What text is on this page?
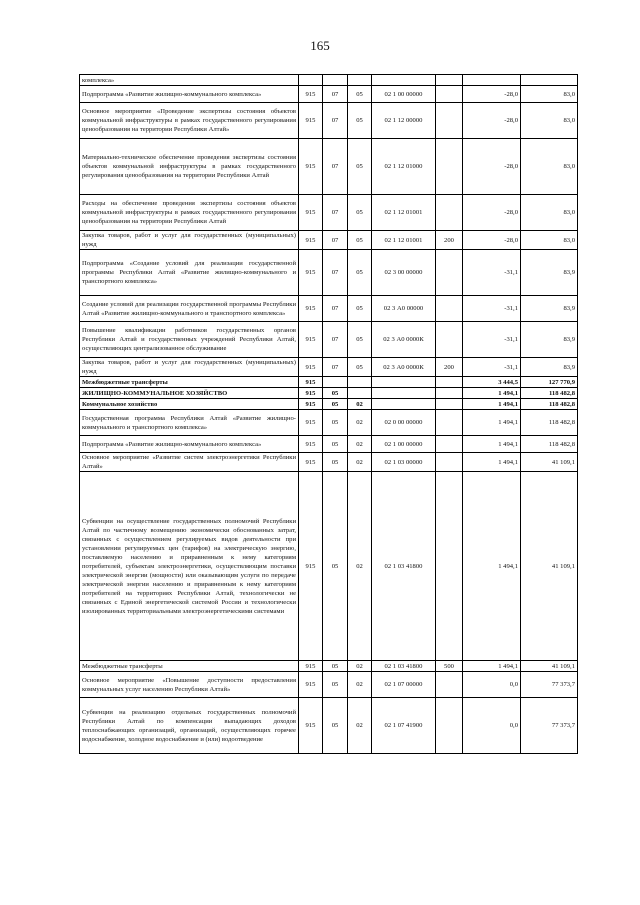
165
комплекса»							
Подпрограмма «Развитие жилищно-коммунального комплекса»	915	07	05	02 1 00 00000		-28,0	83,0
Основное мероприятие «Проведение экспертизы состояния объектов коммунальной инфраструктуры в рамках государственного регулирования ценообразования на территории Республики Алтай»	915	07	05	02 1 12 00000		-28,0	83,0
Материально-техническое обеспечение проведения экспертизы состояния объектов коммунальной инфраструктуры в рамках государственного регулирования ценообразования на территории Республики Алтай	915	07	05	02 1 12 01000		-28,0	83,0
Расходы на обеспечение проведения экспертизы состояния объектов коммунальной инфраструктуры в рамках государственного регулирования ценообразования на территории Республики Алтай	915	07	05	02 1 12 01001		-28,0	83,0
Закупка товаров, работ и услуг для государственных (муниципальных) нужд	915	07	05	02 1 12 01001	200	-28,0	83,0
Подпрограмма «Создание условий для реализации государственной программы Республики Алтай «Развитие жилищно-коммунального и транспортного комплекса»	915	07	05	02 3 00 00000		-31,1	83,9
Создание условий для реализации государственной программы Республики Алтай «Развитие жилищно-коммунального и транспортного комплекса»	915	07	05	02 3 А0 00000		-31,1	83,9
Повышение квалификации работников государственных органов Республики Алтай и государственных учреждений Республики Алтай, осуществляющих централизованное обслуживание	915	07	05	02 3 А0 0000К		-31,1	83,9
Закупка товаров, работ и услуг для государственных (муниципальных) нужд	915	07	05	02 3 А0 0000К	200	-31,1	83,9
Межбюджетные трансферты	915					3 444,5	127 770,9
ЖИЛИЩНО-КОММУНАЛЬНОЕ ХОЗЯЙСТВО	915	05				1 494,1	118 482,8
Коммунальное хозяйство	915	05	02			1 494,1	118 482,8
Государственная программа Республики Алтай «Развитие жилищно-коммунального и транспортного комплекса»	915	05	02	02 0 00 00000		1 494,1	118 482,8
Подпрограмма «Развитие жилищно-коммунального комплекса»	915	05	02	02 1 00 00000		1 494,1	118 482,8
Основное мероприятие «Развитие систем электроэнергетики Республики Алтай»	915	05	02	02 1 03 00000		1 494,1	41 109,1
Субвенции на осуществление государственных полномочий Республики Алтай по частичному возмещению экономически обоснованных затрат, связанных с осуществлением регулируемых видов деятельности при установлении регулируемых цен (тарифов) на электрическую энергию, поставляемую населению и приравненным к нему категориям потребителей, субъектам электроэнергетики, осуществляющим поставки электрической энергии (мощности) или оказывающим услуги по передаче электрической энергии населению и приравненным к нему категориям потребителей на территориях Республики Алтай, технологически не связанных с Единой энергетической системой России и технологически изолированных территориальными электроэнергетическими системами	915	05	02	02 1 03 41800		1 494,1	41 109,1
Межбюджетные трансферты	915	05	02	02 1 03 41800	500	1 494,1	41 109,1
Основное мероприятие «Повышение доступности предоставления коммунальных услуг населению Республики Алтай»	915	05	02	02 1 07 00000		0,0	77 373,7
Субвенции на реализацию отдельных государственных полномочий Республики Алтай по компенсации выпадающих доходов теплоснабжающих организаций, организаций, осуществляющих горячее водоснабжение, холодное водоснабжение и (или) водоотведение	915	05	02	02 1 07 41900		0,0	77 373,7
